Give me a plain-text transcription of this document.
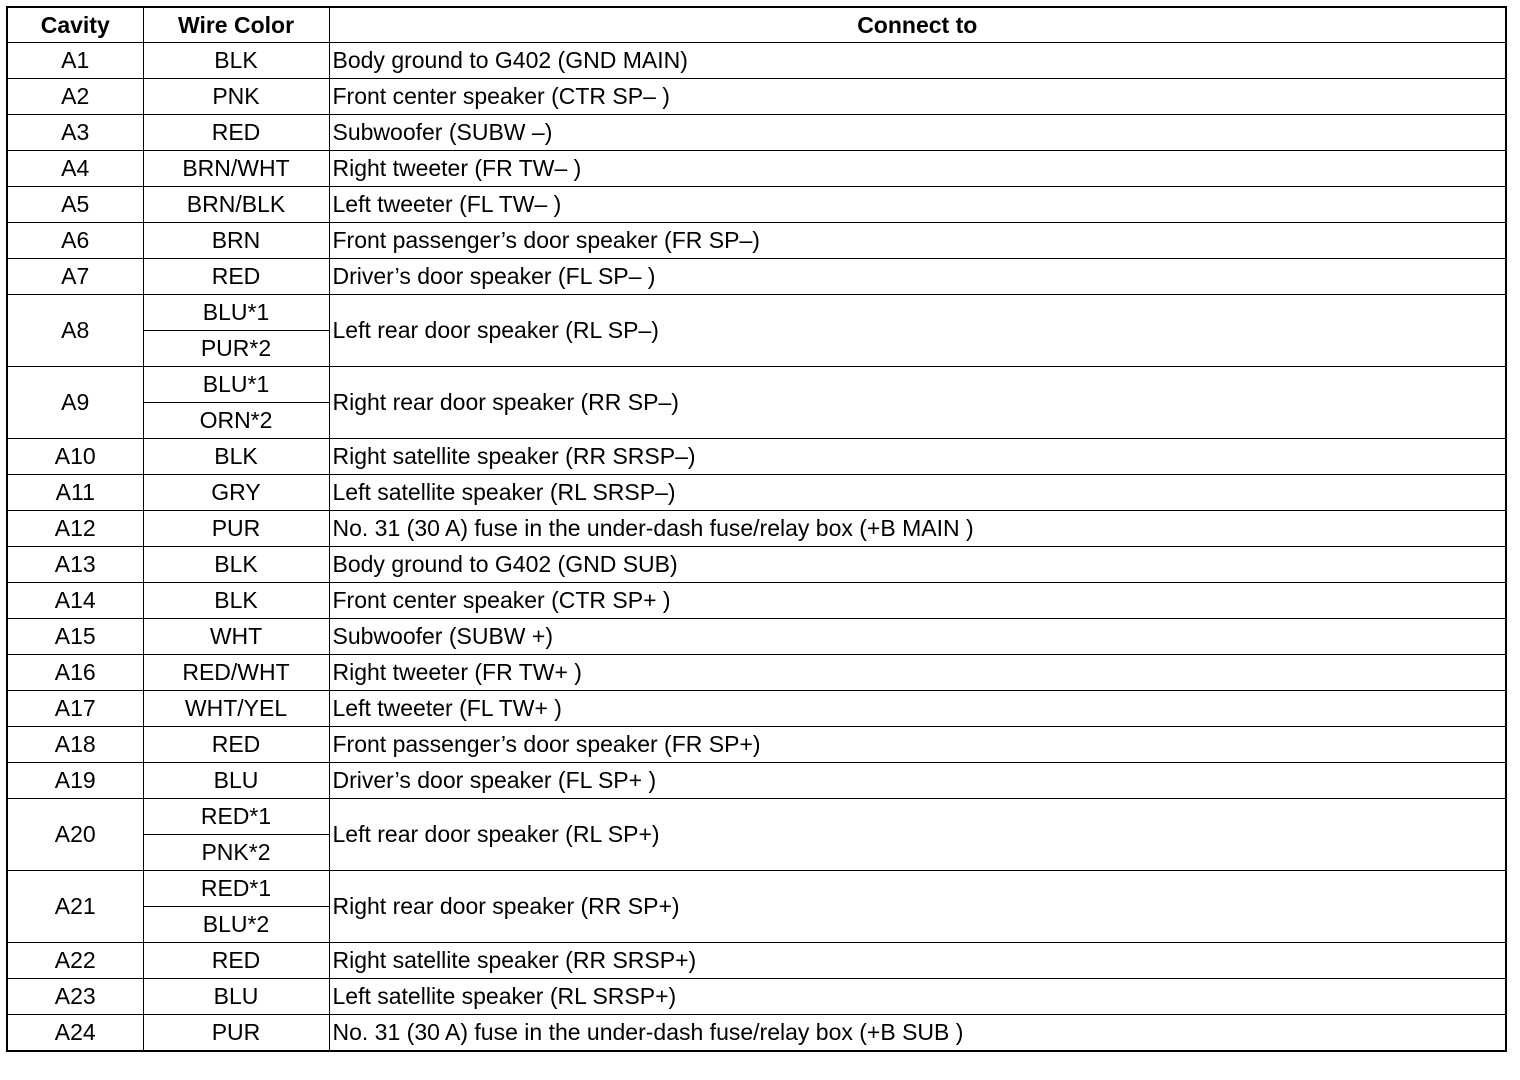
Cavity	Wire Color	Connect to
A1	BLK	Body ground to G402 (GND MAIN)
A2	PNK	Front center speaker (CTR SP– )
A3	RED	Subwoofer (SUBW –)
A4	BRN/WHT	Right tweeter (FR TW– )
A5	BRN/BLK	Left tweeter (FL TW– )
A6	BRN	Front passenger’s door speaker (FR SP–)
A7	RED	Driver’s door speaker (FL SP– )
A8	BLU*1	Left rear door speaker (RL SP–)
	PUR*2	
A9	BLU*1	Right rear door speaker (RR SP–)
	ORN*2	
A10	BLK	Right satellite speaker (RR SRSP–)
A11	GRY	Left satellite speaker (RL SRSP–)
A12	PUR	No. 31 (30 A) fuse in the under-dash fuse/relay box (+B MAIN )
A13	BLK	Body ground to G402 (GND SUB)
A14	BLK	Front center speaker (CTR SP+ )
A15	WHT	Subwoofer (SUBW +)
A16	RED/WHT	Right tweeter (FR TW+ )
A17	WHT/YEL	Left tweeter (FL TW+ )
A18	RED	Front passenger’s door speaker (FR SP+)
A19	BLU	Driver’s door speaker (FL SP+ )
A20	RED*1	Left rear door speaker (RL SP+)
	PNK*2	
A21	RED*1	Right rear door speaker (RR SP+)
	BLU*2	
A22	RED	Right satellite speaker (RR SRSP+)
A23	BLU	Left satellite speaker (RL SRSP+)
A24	PUR	No. 31 (30 A) fuse in the under-dash fuse/relay box (+B SUB )
